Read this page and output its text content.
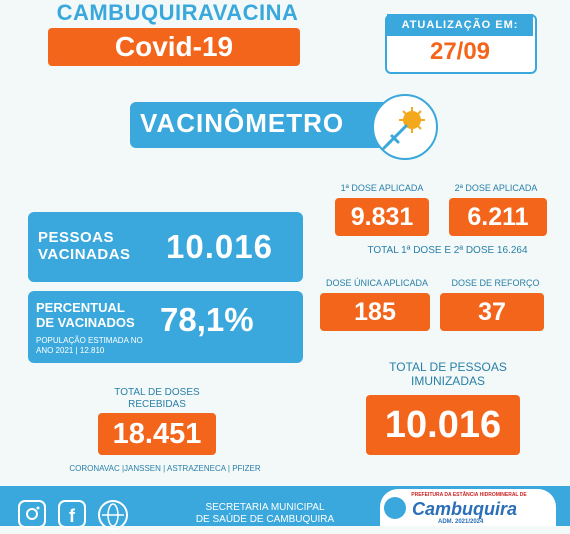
CAMBUQUIRAVACINA
Covid-19
ATUALIZAÇÃO EM:
27/09
VACINÔMETRO
1ª DOSE APLICADA
9.831
2ª DOSE APLICADA
6.211
TOTAL 1ª DOSE E 2ª DOSE 16.264
DOSE ÚNICA APLICADA
185
DOSE DE REFORÇO
37
PESSOAS
VACINADAS 10.016
PERCENTUAL
DE VACINADOS 78,1%
POPULAÇÃO ESTIMADA NO
ANO 2021 | 12.810
TOTAL DE DOSES
RECEBIDAS
18.451
CORONAVAC |JANSSEN | ASTRAZENECA | PFIZER
TOTAL DE PESSOAS
IMUNIZADAS
10.016
f	SECRETARIA MUNICIPAL
DE SAÚDE DE CAMBUQUIRA
PREFEITURA DA ESTÂNCIA HIDROMINERAL DE
Cambuquira
ADM. 2021/2024
